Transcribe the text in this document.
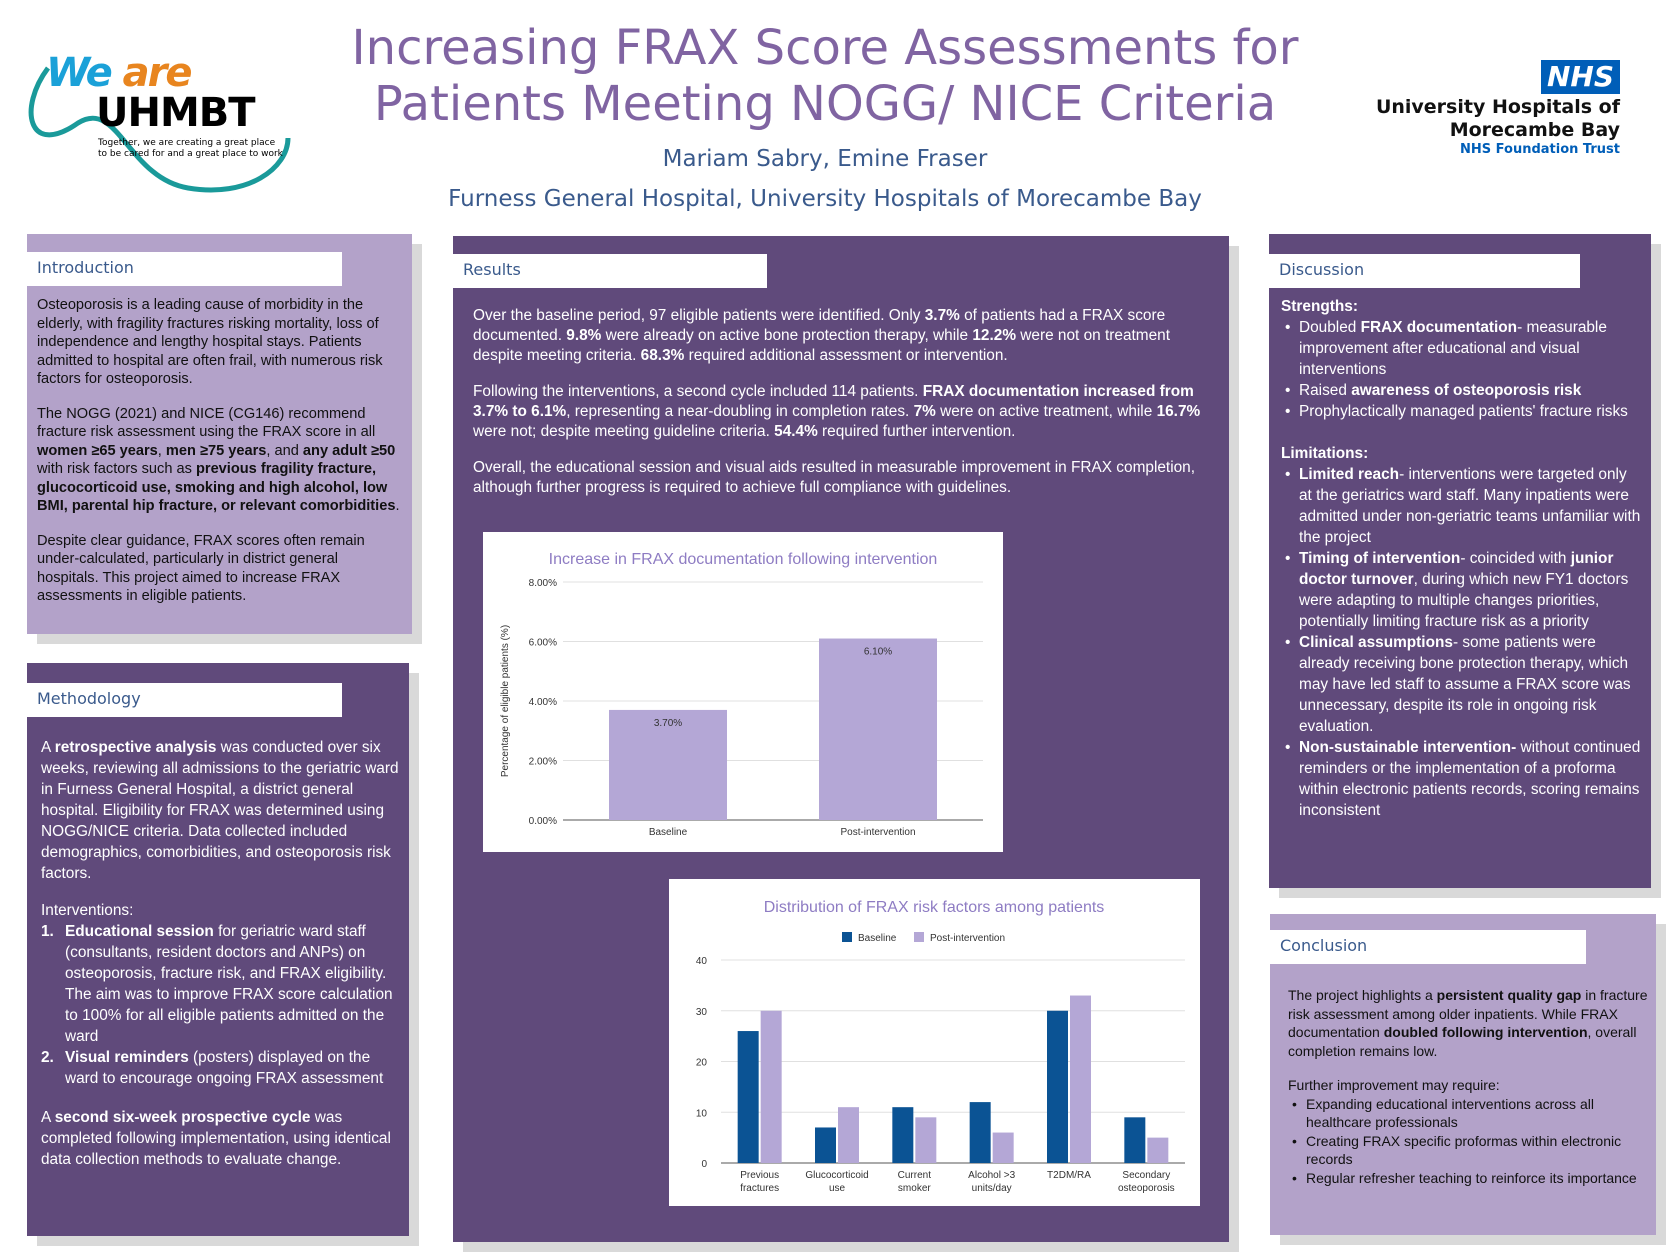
We are
UHMBT
Together, we are creating a great place
to be cared for and a great place to work
Increasing FRAX Score Assessments for
Patients Meeting NOGG/ NICE Criteria
Mariam Sabry, Emine Fraser
Furness General Hospital, University Hospitals of Morecambe Bay
NHS
University Hospitals of
Morecambe Bay
NHS Foundation Trust
Introduction

Osteoporosis is a leading cause of morbidity in the elderly, with fragility fractures risking mortality, loss of independence and lengthy hospital stays. Patients admitted to hospital are often frail, with numerous risk factors for osteoporosis.

The NOGG (2021) and NICE (CG146) recommend fracture risk assessment using the FRAX score in all women ≥65 years, men ≥75 years, and any adult ≥50 with risk factors such as previous fragility fracture, glucocorticoid use, smoking and high alcohol, low BMI, parental hip fracture, or relevant comorbidities.

Despite clear guidance, FRAX scores often remain under-calculated, particularly in district general hospitals. This project aimed to increase FRAX assessments in eligible patients.

Methodology

A retrospective analysis was conducted over six weeks, reviewing all admissions to the geriatric ward in Furness General Hospital, a district general hospital. Eligibility for FRAX was determined using NOGG/NICE criteria. Data collected included demographics, comorbidities, and osteoporosis risk factors.

Interventions:
1. Educational session for geriatric ward staff (consultants, resident doctors and ANPs) on osteoporosis, fracture risk, and FRAX eligibility. The aim was to improve FRAX score calculation to 100% for all eligible patients admitted on the ward
2. Visual reminders (posters) displayed on the ward to encourage ongoing FRAX assessment

A second six-week prospective cycle was completed following implementation, using identical data collection methods to evaluate change.

Results

Over the baseline period, 97 eligible patients were identified. Only 3.7% of patients had a FRAX score documented. 9.8% were already on active bone protection therapy, while 12.2% were not on treatment despite meeting criteria. 68.3% required additional assessment or intervention.

Following the interventions, a second cycle included 114 patients. FRAX documentation increased from 3.7% to 6.1%, representing a near-doubling in completion rates. 7% were on active treatment, while 16.7% were not; despite meeting guideline criteria. 54.4% required further intervention.

Overall, the educational session and visual aids resulted in measurable improvement in FRAX completion, although further progress is required to achieve full compliance with guidelines.

Increase in FRAX documentation following intervention
0.00%
2.00%
4.00%
6.00%
8.00%
Percentage of eligible patients (%)	3.70%
Baseline
6.10%
Post-intervention
Distribution of FRAX risk factors among patients
Baseline	Post-intervention
0
10
20
30
40
Previous
fractures
Glucocorticoid
use
Current
smoker
Alcohol >3
units/day
T2DM/RA	Secondary
osteoporosis
Discussion
Strengths:
• Doubled FRAX documentation- measurable improvement after educational and visual interventions
• Raised awareness of osteoporosis risk
• Prophylactically managed patients' fracture risks
Limitations:
• Limited reach- interventions were targeted only at the geriatrics ward staff. Many inpatients were admitted under non-geriatric teams unfamiliar with the project
• Timing of intervention- coincided with junior doctor turnover, during which new FY1 doctors were adapting to multiple changes priorities, potentially limiting fracture risk as a priority
• Clinical assumptions- some patients were already receiving bone protection therapy, which may have led staff to assume a FRAX score was unnecessary, despite its role in ongoing risk evaluation.
• Non-sustainable intervention- without continued reminders or the implementation of a proforma within electronic patients records, scoring remains inconsistent
Conclusion

The project highlights a persistent quality gap in fracture risk assessment among older inpatients. While FRAX documentation doubled following intervention, overall completion remains low.

Further improvement may require:
• Expanding educational interventions across all healthcare professionals
• Creating FRAX specific proformas within electronic records
• Regular refresher teaching to reinforce its importance
